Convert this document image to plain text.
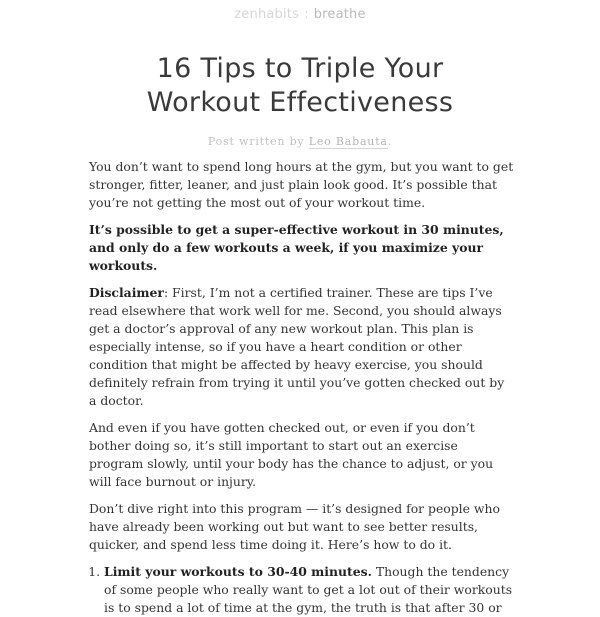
zenhabits : breathe
16 Tips to Triple Your
Workout Effectiveness
Post written by Leo Babauta.

You don’t want to spend long hours at the gym, but you want to get stronger, fitter, leaner, and just plain look good. It’s possible that you’re not getting the most out of your workout time.

It’s possible to get a super-effective workout in 30 minutes, and only do a few workouts a week, if you maximize your workouts.

Disclaimer: First, I’m not a certified trainer. These are tips I’ve read elsewhere that work well for me. Second, you should always get a doctor’s approval of any new workout plan. This plan is especially intense, so if you have a heart condition or other condition that might be affected by heavy exercise, you should definitely refrain from trying it until you’ve gotten checked out by a doctor.

And even if you have gotten checked out, or even if you don’t bother doing so, it’s still important to start out an exercise program slowly, until your body has the chance to adjust, or you will face burnout or injury.

Don’t dive right into this program — it’s designed for people who have already been working out but want to see better results, quicker, and spend less time doing it. Here’s how to do it.

1. Limit your workouts to 30-40 minutes. Though the tendency of some people who really want to get a lot out of their workouts is to spend a lot of time at the gym, the truth is that after 30 or
